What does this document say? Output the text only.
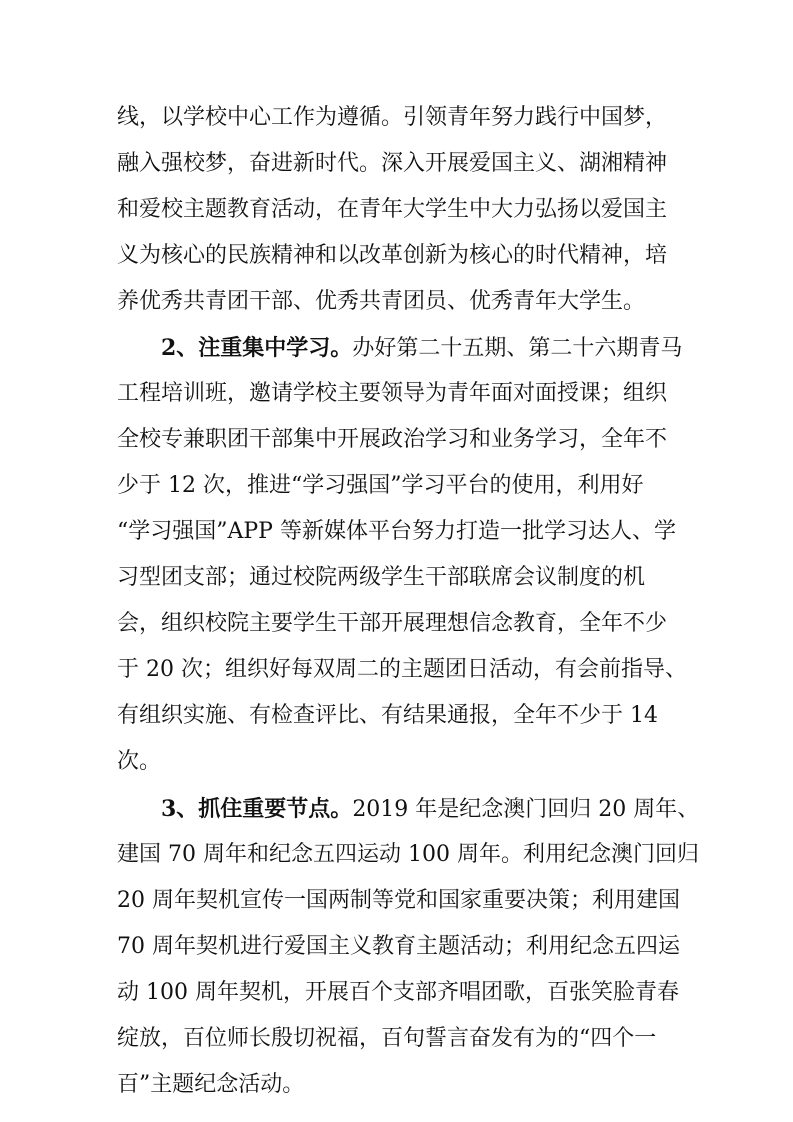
线，以学校中心工作为遵循。引领青年努力践行中国梦，
融入强校梦，奋进新时代。深入开展爱国主义、湖湘精神
和爱校主题教育活动，在青年大学生中大力弘扬以爱国主
义为核心的民族精神和以改革创新为核心的时代精神，培
养优秀共青团干部、优秀共青团员、优秀青年大学生。
2、注重集中学习。办好第二十五期、第二十六期青马
工程培训班，邀请学校主要领导为青年面对面授课；组织
全校专兼职团干部集中开展政治学习和业务学习，全年不
少于 12 次，推进“学习强国”学习平台的使用，利用好
“学习强国”APP 等新媒体平台努力打造一批学习达人、学
习型团支部；通过校院两级学生干部联席会议制度的机
会，组织校院主要学生干部开展理想信念教育，全年不少
于 20 次；组织好每双周二的主题团日活动，有会前指导、
有组织实施、有检查评比、有结果通报，全年不少于 14
次。
3、抓住重要节点。2019 年是纪念澳门回归 20 周年、
建国 70 周年和纪念五四运动 100 周年。利用纪念澳门回归
20 周年契机宣传一国两制等党和国家重要决策；利用建国
70 周年契机进行爱国主义教育主题活动；利用纪念五四运
动 100 周年契机，开展百个支部齐唱团歌，百张笑脸青春
绽放，百位师长殷切祝福，百句誓言奋发有为的“四个一
百”主题纪念活动。
